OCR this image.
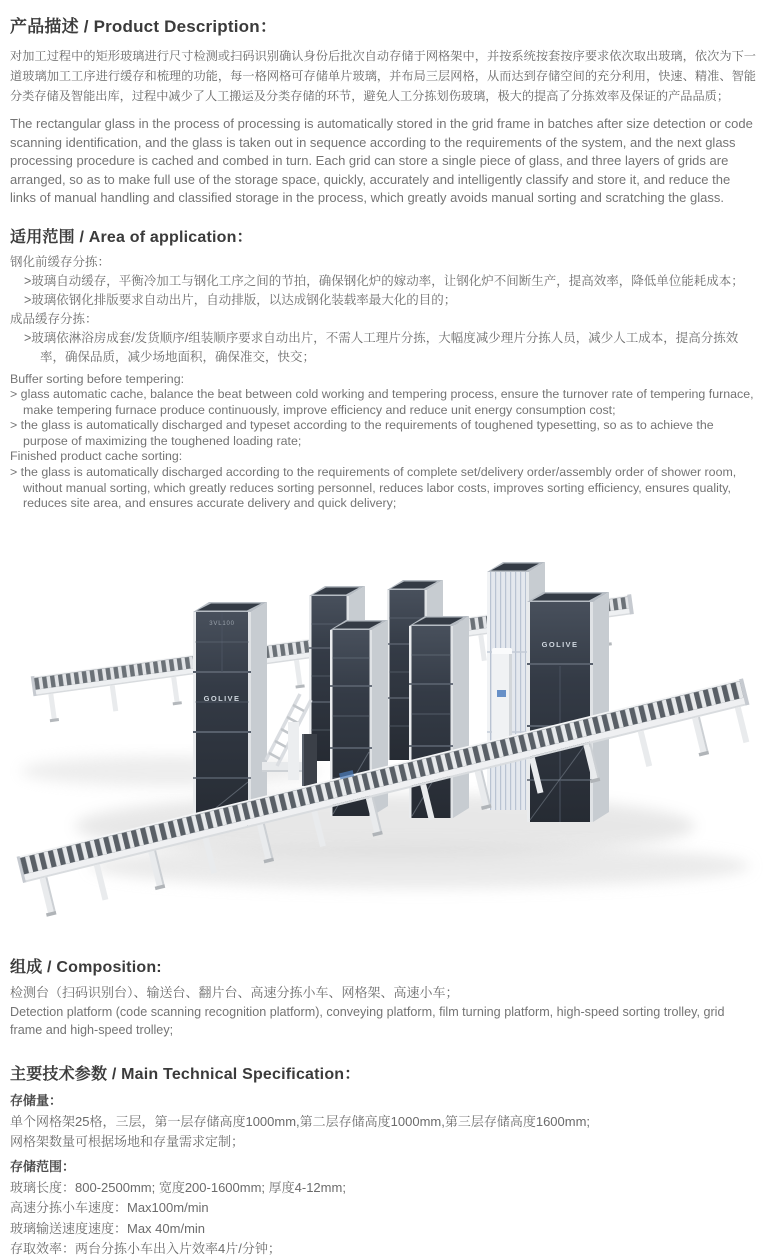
产品描述 / Product Description：

对加工过程中的矩形玻璃进行尺寸检测或扫码识别确认身份后批次自动存储于网格架中，并按系统按套按序要求依次取出玻璃，依次为下一道玻璃加工工序进行缓存和梳理的功能，每一格网格可存储单片玻璃，并布局三层网格，从而达到存储空间的充分利用，快速、精准、智能分类存储及智能出库，过程中减少了人工搬运及分类存储的环节，避免人工分拣划伤玻璃，极大的提高了分拣效率及保证的产品品质；

The rectangular glass in the process of processing is automatically stored in the grid frame in batches after size detection or code scanning identification, and the glass is taken out in sequence according to the requirements of the system, and the next glass processing procedure is cached and combed in turn. Each grid can store a single piece of glass, and three layers of grids are arranged, so as to make full use of the storage space, quickly, accurately and intelligently classify and store it, and reduce the links of manual handling and classified storage in the process, which greatly avoids manual sorting and scratching the glass.

适用范围 / Area of application：

钢化前缓存分拣：

>玻璃自动缓存，平衡冷加工与钢化工序之间的节拍，确保钢化炉的嫁动率，让钢化炉不间断生产，提高效率，降低单位能耗成本；

>玻璃依钢化排版要求自动出片，自动排版，以达成钢化装载率最大化的目的；

成品缓存分拣：

>玻璃依淋浴房成套/发货顺序/组装顺序要求自动出片，不需人工理片分拣，大幅度减少理片分拣人员，减少人工成本，提高分拣效率，确保品质，减少场地面积，确保准交，快交；

Buffer sorting before tempering:

> glass automatic cache, balance the beat between cold working and tempering process, ensure the turnover rate of tempering furnace, make tempering furnace produce continuously, improve efficiency and reduce unit energy consumption cost;

> the glass is automatically discharged and typeset according to the requirements of toughened typesetting, so as to achieve the purpose of maximizing the toughened loading rate;

Finished product cache sorting:

> the glass is automatically discharged according to the requirements of complete set/delivery order/assembly order of shower room, without manual sorting, which greatly reduces sorting personnel, reduces labor costs, improves sorting efficiency, ensures quality, reduces site area, and ensures accurate delivery and quick delivery;

GOLIVE
3VL100
GOLIVE
组成 / Composition:

检测台（扫码识别台）、输送台、翻片台、高速分拣小车、网格架、高速小车；

Detection platform (code scanning recognition platform), conveying platform, film turning platform, high-speed sorting trolley, grid frame and high-speed trolley;

主要技术参数 / Main Technical Specification：

存储量：

单个网格架25格，三层，第一层存储高度1000mm,第二层存储高度1000mm,第三层存储高度1600mm;

网格架数量可根据场地和存量需求定制；

存储范围：

玻璃长度：800-2500mm; 宽度200-1600mm; 厚度4-12mm;

高速分拣小车速度：Max100m/min

玻璃输送速度速度：Max 40m/min

存取效率：两台分拣小车出入片效率4片/分钟；
